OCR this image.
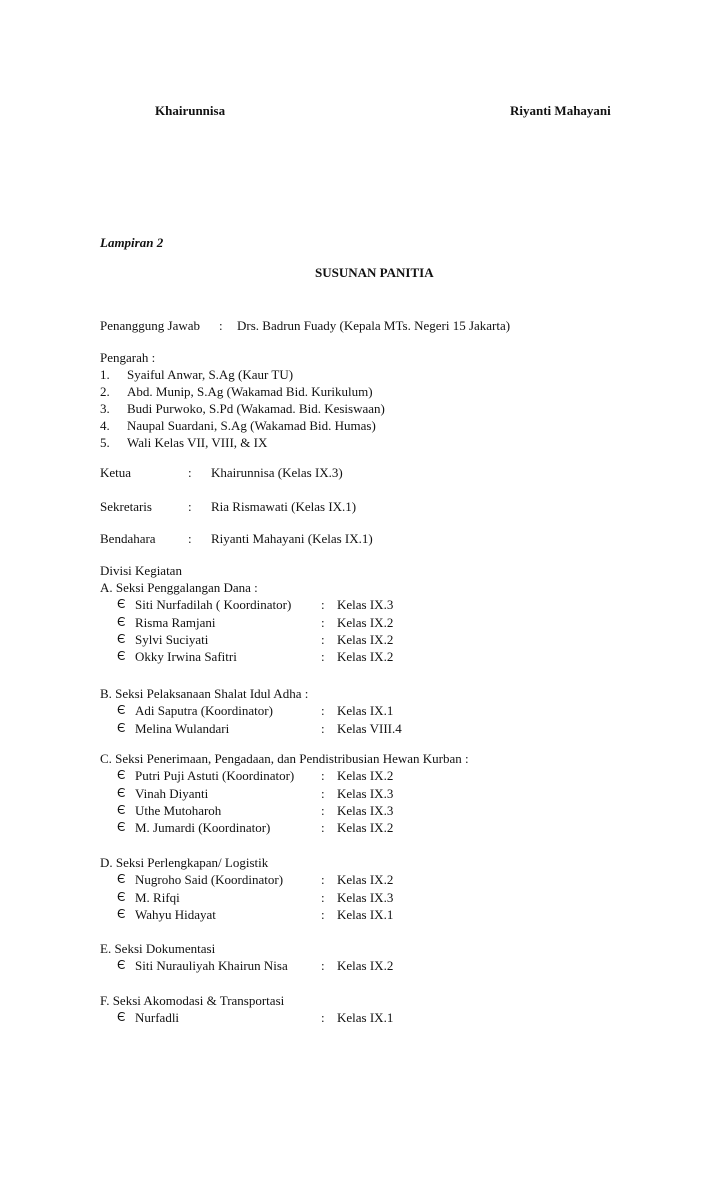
Khairunnisa	Riyanti Mahayani
Lampiran 2
SUSUNAN PANITIA
Penanggung Jawab : Drs. Badrun Fuady (Kepala MTs. Negeri 15 Jakarta)
Pengarah :
1. Syaiful Anwar, S.Ag (Kaur TU)
2. Abd. Munip, S.Ag (Wakamad Bid. Kurikulum)
3. Budi Purwoko, S.Pd (Wakamad. Bid. Kesiswaan)
4. Naupal Suardani, S.Ag (Wakamad Bid. Humas)
5. Wali Kelas VII, VIII, & IX
Ketua	: Khairunnisa (Kelas IX.3)
Sekretaris	: Ria Rismawati (Kelas IX.1)
Bendahara : Riyanti Mahayani (Kelas IX.1)
Divisi Kegiatan
A. Seksi Penggalangan Dana :
Є Siti Nurfadilah ( Koordinator) : Kelas IX.3
Є Risma Ramjani	: Kelas IX.2
Є Sylvi Suciyati	: Kelas IX.2
Є Okky Irwina Safitri	: Kelas IX.2
B. Seksi Pelaksanaan Shalat Idul Adha :
Є Adi Saputra (Koordinator)	: Kelas IX.1
Є Melina Wulandari	: Kelas VIII.4
C. Seksi Penerimaan, Pengadaan, dan Pendistribusian Hewan Kurban :
Є Putri Puji Astuti (Koordinator) : Kelas IX.2
Є Vinah Diyanti	: Kelas IX.3
Є Uthe Mutoharoh	: Kelas IX.3
Є M. Jumardi (Koordinator)	: Kelas IX.2
D. Seksi Perlengkapan/ Logistik
Є Nugroho Said (Koordinator)	: Kelas IX.2
Є M. Rifqi	: Kelas IX.3
Є Wahyu Hidayat	: Kelas IX.1
E. Seksi Dokumentasi
Є Siti Nurauliyah Khairun Nisa	: Kelas IX.2
F. Seksi Akomodasi & Transportasi
Є Nurfadli	: Kelas IX.1
